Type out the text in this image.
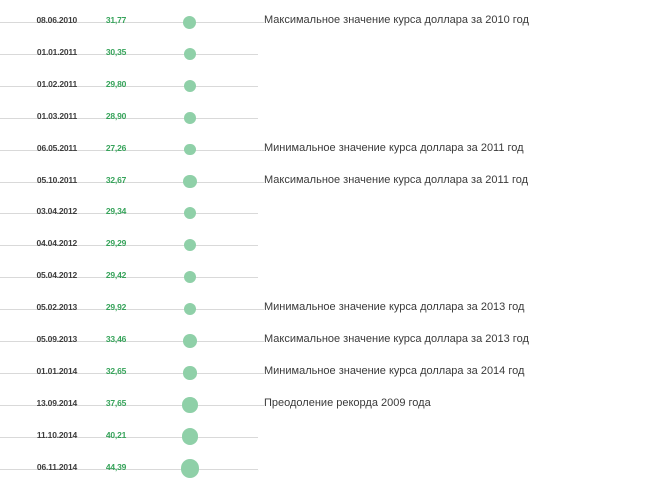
08.06.2010	31,77	Максимальное значение курса доллара за 2010 год
01.01.2011	30,35
01.02.2011	29,80
01.03.2011	28,90
06.05.2011	27,26	Минимальное значение курса доллара за 2011 год
05.10.2011	32,67	Максимальное значение курса доллара за 2011 год
03.04.2012	29,34
04.04.2012	29,29
05.04.2012	29,42
05.02.2013	29,92	Минимальное значение курса доллара за 2013 год
05.09.2013	33,46	Максимальное значение курса доллара за 2013 год
01.01.2014	32,65	Минимальное значение курса доллара за 2014 год
13.09.2014	37,65	Преодоление рекорда 2009 года
11.10.2014	40,21
06.11.2014	44,39
